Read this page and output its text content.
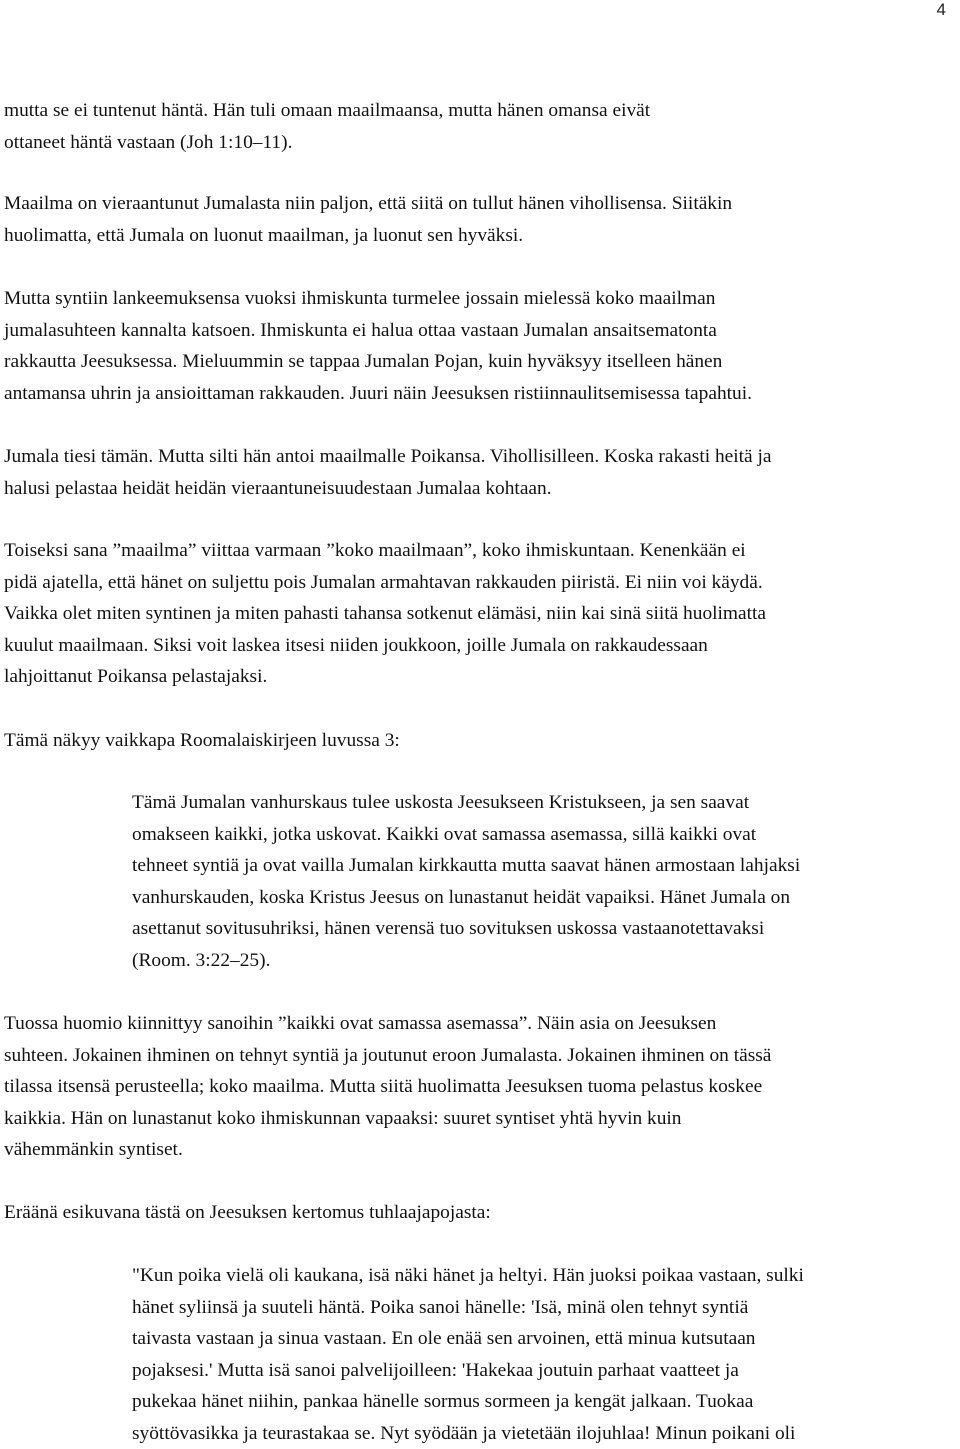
4

mutta se ei tuntenut häntä. Hän tuli omaan maailmaansa, mutta hänen omansa eivät
ottaneet häntä vastaan (Joh 1:10–11).

Maailma on vieraantunut Jumalasta niin paljon, että siitä on tullut hänen vihollisensa. Siitäkin
huolimatta, että Jumala on luonut maailman, ja luonut sen hyväksi.

Mutta syntiin lankeemuksensa vuoksi ihmiskunta turmelee jossain mielessä koko maailman
jumalasuhteen kannalta katsoen. Ihmiskunta ei halua ottaa vastaan Jumalan ansaitsematonta
rakkautta Jeesuksessa. Mieluummin se tappaa Jumalan Pojan, kuin hyväksyy itselleen hänen
antamansa uhrin ja ansioittaman rakkauden. Juuri näin Jeesuksen ristiinnaulitsemisessa tapahtui.

Jumala tiesi tämän. Mutta silti hän antoi maailmalle Poikansa. Vihollisilleen. Koska rakasti heitä ja
halusi pelastaa heidät heidän vieraantuneisuudestaan Jumalaa kohtaan.

Toiseksi sana ”maailma” viittaa varmaan ”koko maailmaan”, koko ihmiskuntaan. Kenenkään ei
pidä ajatella, että hänet on suljettu pois Jumalan armahtavan rakkauden piiristä. Ei niin voi käydä.
Vaikka olet miten syntinen ja miten pahasti tahansa sotkenut elämäsi, niin kai sinä siitä huolimatta
kuulut maailmaan. Siksi voit laskea itsesi niiden joukkoon, joille Jumala on rakkaudessaan
lahjoittanut Poikansa pelastajaksi.

Tämä näkyy vaikkapa Roomalaiskirjeen luvussa 3:

Tämä Jumalan vanhurskaus tulee uskosta Jeesukseen Kristukseen, ja sen saavat
omakseen kaikki, jotka uskovat. Kaikki ovat samassa asemassa, sillä kaikki ovat
tehneet syntiä ja ovat vailla Jumalan kirkkautta mutta saavat hänen armostaan lahjaksi
vanhurskauden, koska Kristus Jeesus on lunastanut heidät vapaiksi. Hänet Jumala on
asettanut sovitusuhriksi, hänen verensä tuo sovituksen uskossa vastaanotettavaksi
(Room. 3:22–25).

Tuossa huomio kiinnittyy sanoihin ”kaikki ovat samassa asemassa”. Näin asia on Jeesuksen
suhteen. Jokainen ihminen on tehnyt syntiä ja joutunut eroon Jumalasta. Jokainen ihminen on tässä
tilassa itsensä perusteella; koko maailma. Mutta siitä huolimatta Jeesuksen tuoma pelastus koskee
kaikkia. Hän on lunastanut koko ihmiskunnan vapaaksi: suuret syntiset yhtä hyvin kuin
vähemmänkin syntiset.

Eräänä esikuvana tästä on Jeesuksen kertomus tuhlaajapojasta:

"Kun poika vielä oli kaukana, isä näki hänet ja heltyi. Hän juoksi poikaa vastaan, sulki
hänet syliinsä ja suuteli häntä. Poika sanoi hänelle: 'Isä, minä olen tehnyt syntiä
taivasta vastaan ja sinua vastaan. En ole enää sen arvoinen, että minua kutsutaan
pojaksesi.' Mutta isä sanoi palvelijoilleen: 'Hakekaa joutuin parhaat vaatteet ja
pukekaa hänet niihin, pankaa hänelle sormus sormeen ja kengät jalkaan. Tuokaa
syöttövasikka ja teurastakaa se. Nyt syödään ja vietetään ilojuhlaa! Minun poikani oli
